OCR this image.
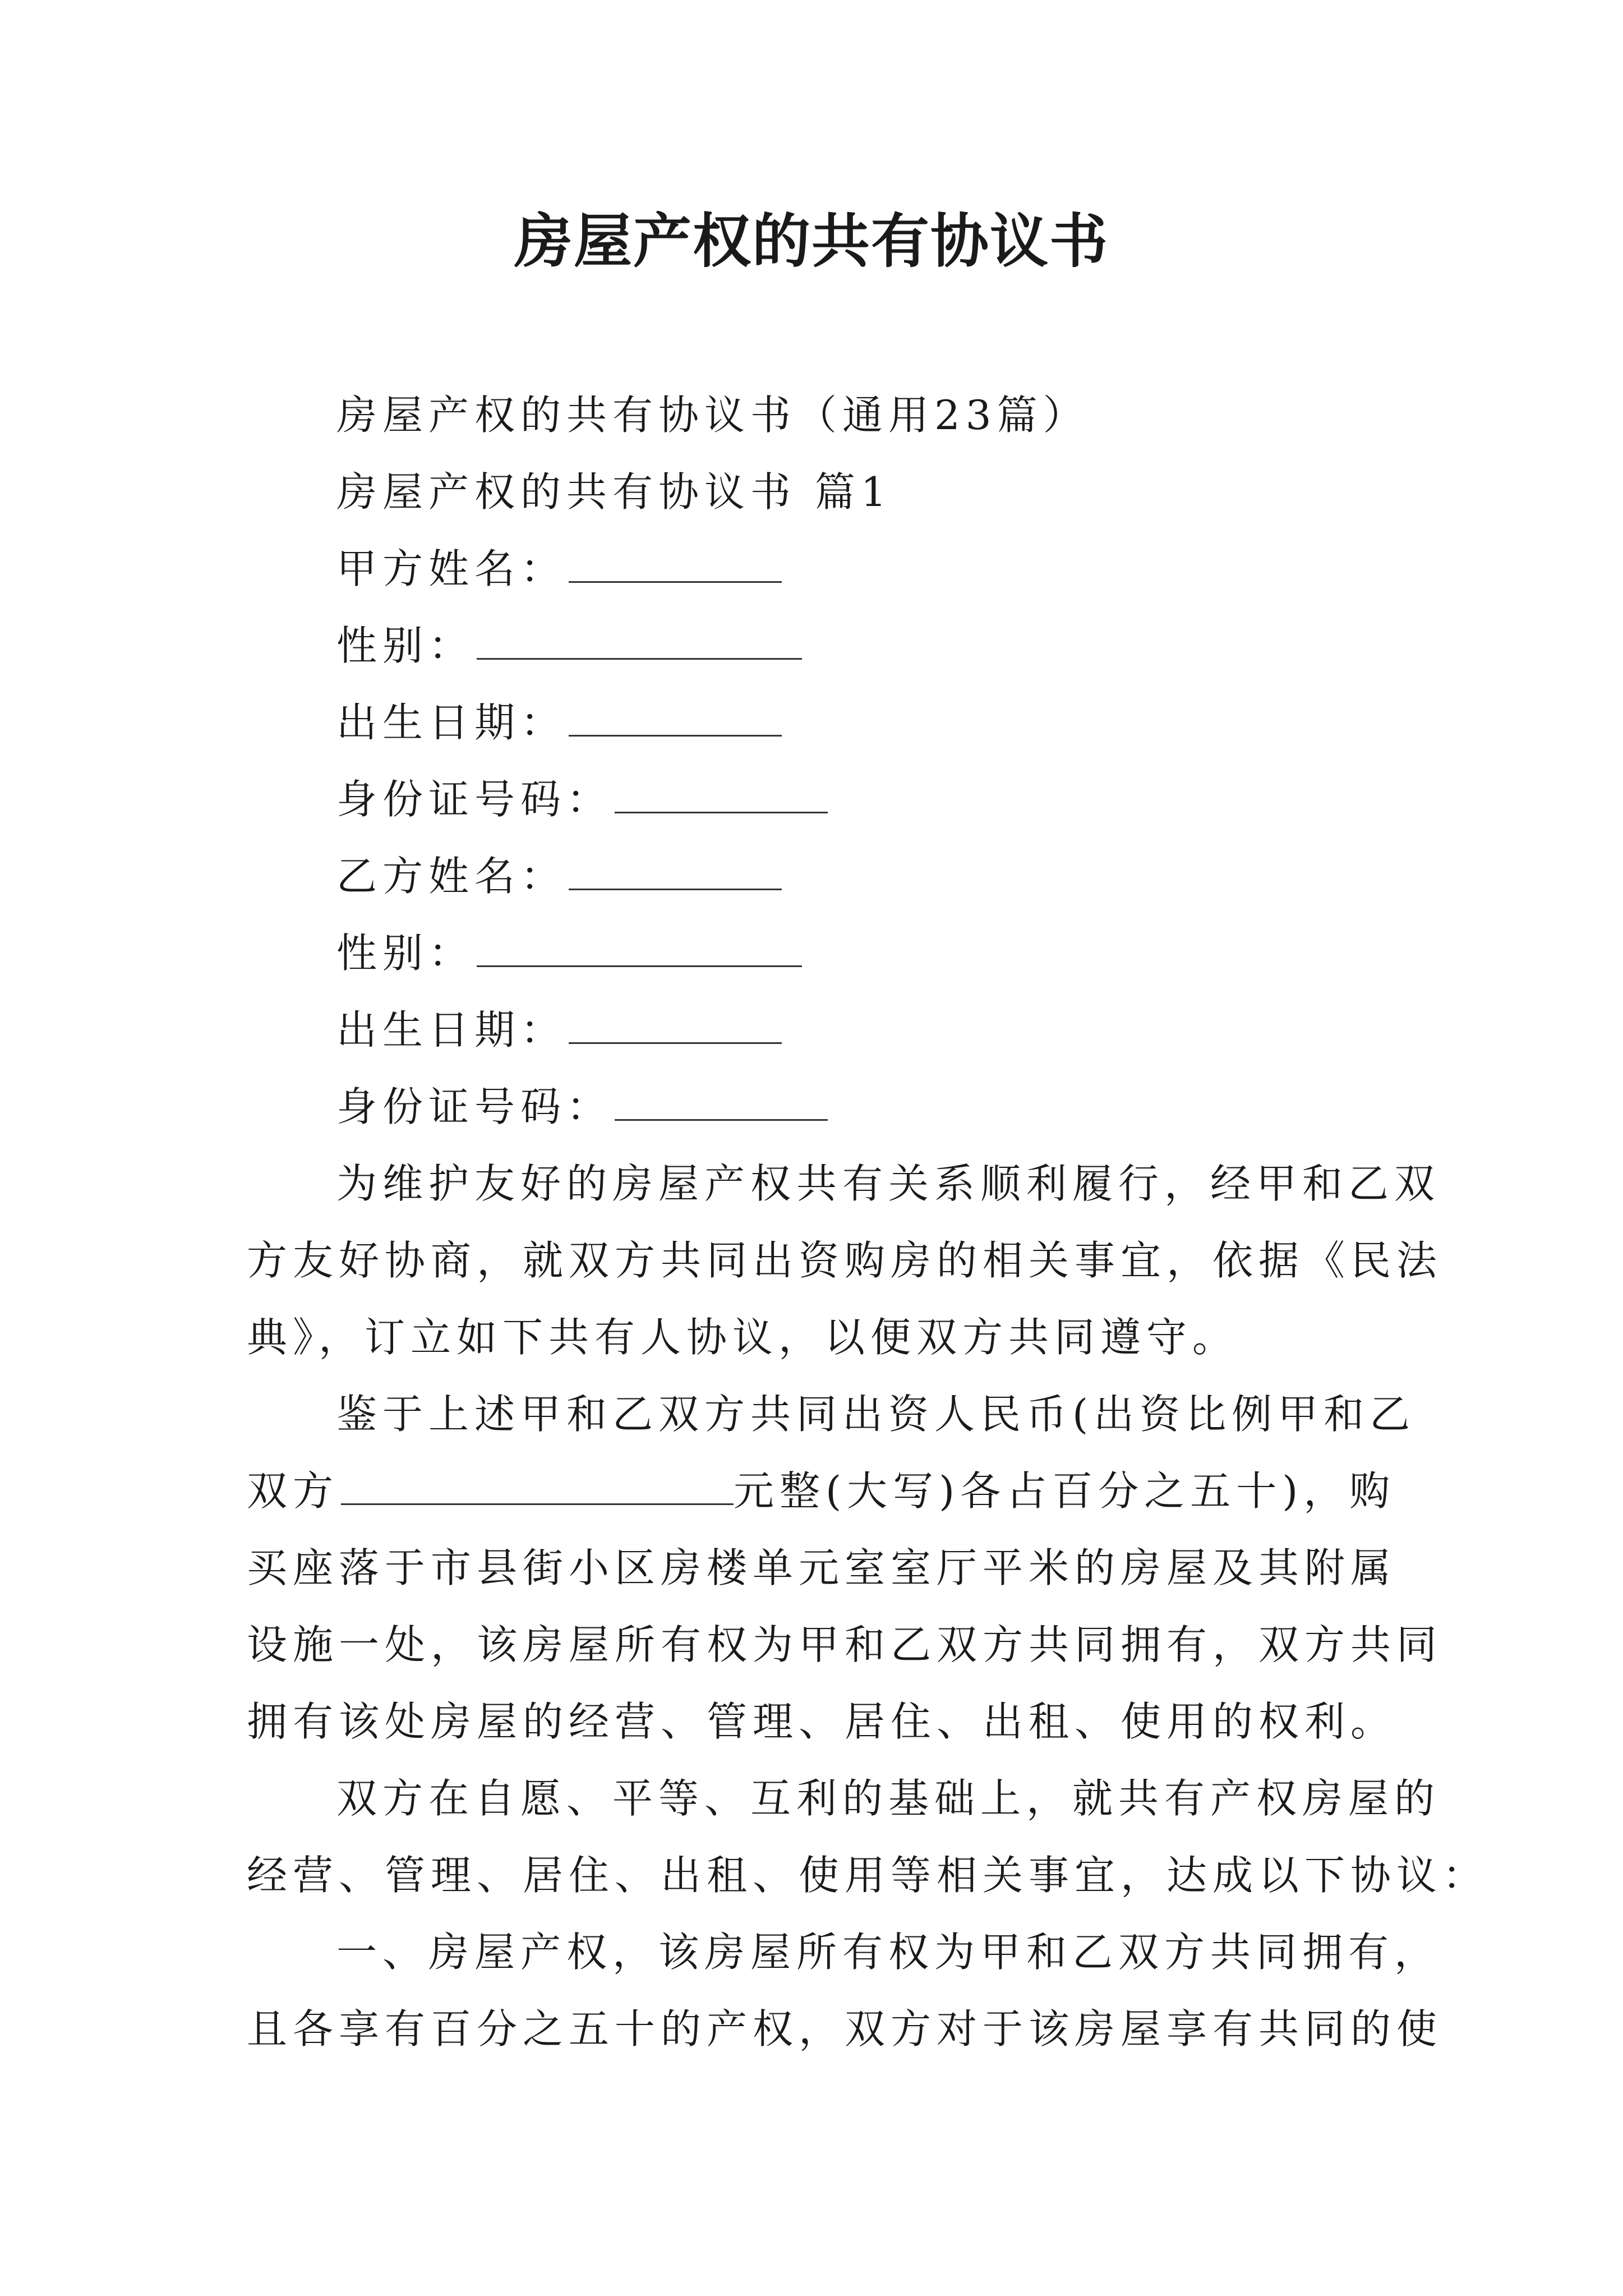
房屋产权的共有协议书

房屋产权的共有协议书（通用23篇）

房屋产权的共有协议书 篇1

甲方姓名：

性别：

出生日期：

身份证号码：

乙方姓名：

性别：

出生日期：

身份证号码：

为维护友好的房屋产权共有关系顺利履行，经甲和乙双

方友好协商，就双方共同出资购房的相关事宜，依据《民法

典》，订立如下共有人协议，以便双方共同遵守。

鉴于上述甲和乙双方共同出资人民币(出资比例甲和乙

双方	元整(大写)各占百分之五十)，购

买座落于市县街小区房楼单元室室厅平米的房屋及其附属

设施一处，该房屋所有权为甲和乙双方共同拥有，双方共同

拥有该处房屋的经营、管理、居住、出租、使用的权利。

双方在自愿、平等、互利的基础上，就共有产权房屋的

经营、管理、居住、出租、使用等相关事宜，达成以下协议：

一、房屋产权，该房屋所有权为甲和乙双方共同拥有，

且各享有百分之五十的产权，双方对于该房屋享有共同的使
